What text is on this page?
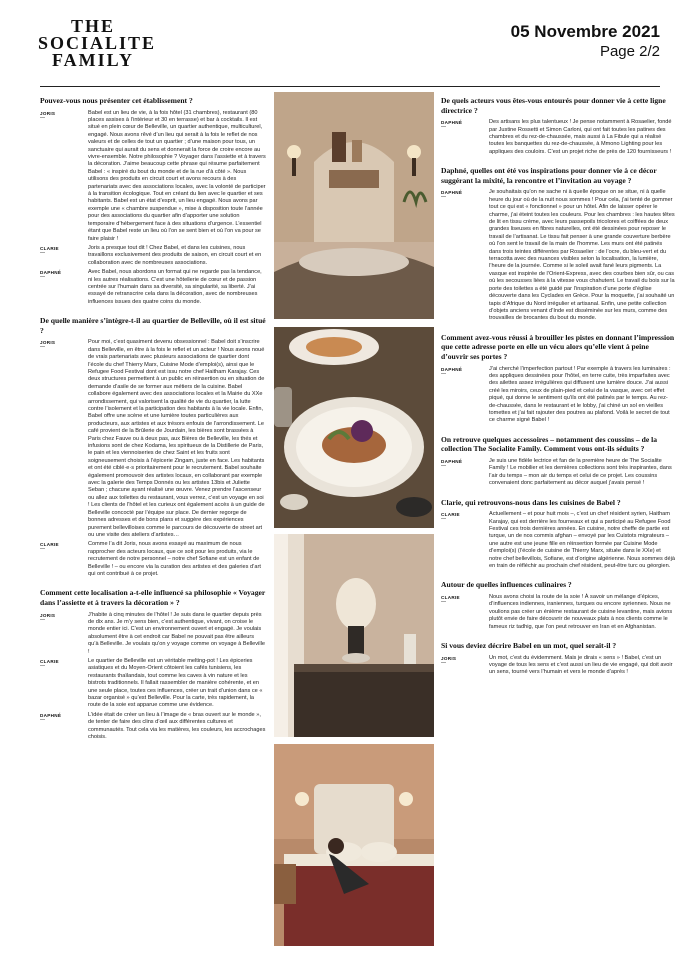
THE
SOCIALITE
FAMILY
05 Novembre 2021
Page 2/2
Pouvez-vous nous présenter cet établissement ?
JORIS
—
Babel est un lieu de vie, à la fois hôtel (31 chambres), restaurant (80 places assises à l’intérieur et 30 en terrasse) et bar à cocktails. Il est situé en plein cœur de Belleville, un quartier authentique, multiculturel, engagé. Nous avons rêvé d’un lieu qui serait à la fois le reflet de nos valeurs et de celles de tout un quartier ; d’une maison pour tous, un sanctuaire qui aurait du sens et donnerait la force de croire encore au vivre-ensemble. Notre philosophie ? Voyager dans l’assiette et à travers la décoration. J’aime beaucoup cette phrase qui résume parfaitement Babel : « inspiré du bout du monde et de la rue d’à côté ». Nous utilisons des produits en circuit court et avons recours à des partenariats avec des associations locales, avec la volonté de participer à la transition écologique. Tout en créant du lien avec le quartier et ses habitants. Babel est un état d’esprit, un lieu engagé. Nous avons par exemple une « chambre suspendue », mise à disposition toute l’année pour des associations du quartier afin d’apporter une solution temporaire d’hébergement face à des situations d’urgence. L’essentiel étant que Babel reste un lieu où l’on se sent bien et où l’on va pour se faire plaisir !
CLARIE
—
Joris a presque tout dit ! Chez Babel, et dans les cuisines, nous travaillons exclusivement des produits de saison, en circuit court et en collaboration avec de nombreuses associations.
DAPHNÉ
—
Avec Babel, nous abordons un format qui ne regarde pas la tendance, ni les autres réalisations. C’est une hôtellerie de cœur et de passion centrée sur l’humain dans sa diversité, sa singularité, sa liberté. J’ai essayé de retranscrire cela dans la décoration, avec de nombreuses influences issues des quatre coins du monde.
De quelle manière s’intègre-t-il au quartier de Belleville, où il est situé ?
JORIS
—
Pour moi, c’est quasiment devenu obsessionnel : Babel doit s’inscrire dans Belleville, en être à la fois le reflet et un acteur ! Nous avons noué de vrais partenariats avec plusieurs associations de quartier dont l’école du chef Thierry Marx, Cuisine Mode d’emploi(s), ainsi que le Refugee Food Festival dont est issu notre chef Haitham Karajay. Ces deux structures permettent à un public en réinsertion ou en situation de demande d’asile de se former aux métiers de la cuisine. Babel collabore également avec des associations locales et la Mairie du XXe arrondissement, qui valorisent la qualité de vie du quartier, la lutte contre l’isolement et la participation des habitants à la vie locale. Enfin, Babel offre une scène et une lumière toutes particulières aux producteurs, aux artistes et aux trésors enfouis de l’arrondissement. Le café provient de la Brûlerie de Jourdain, les bières sont brassées à Paris chez Fauve ou à deux pas, aux Bières de Belleville, les thés et infusions sont de chez Kodama, les spiritueux de la Distillerie de Paris, le pain et les viennoiseries de chez Saint et les fruits sont soigneusement choisis à l’épicerie Zingam, juste en face. Les habitants et ont été ciblé·e·s prioritairement pour le recrutement. Babel souhaite également promouvoir des artistes locaux, en collaborant par exemple avec la galerie des Temps Donnés ou les artistes 13bis et Juliette Seban ; chacune ayant réalisé une œuvre. Venez prendre l’ascenseur ou allez aux toilettes du restaurant, vous verrez, c’est un voyage en soi ! Les clients de l’hôtel et les curieux ont également accès à un guide de Belleville concocté par l’équipe sur place. De dernier regorge de bonnes adresses et de bons plans et suggère des expériences purement bellevilloises comme le parcours de découverte de street art ou une visite des ateliers d’artistes…
CLARIE
—
Comme l’a dit Joris, nous avons essayé au maximum de nous rapprocher des acteurs locaux, que ce soit pour les produits, via le recrutement de notre personnel – notre chef Sofiane est un enfant de Belleville ! – ou encore via la curation des artistes et des galeries d’art qui ont contribué à ce projet.
Comment cette localisation a-t-elle influencé sa philosophie « Voyager dans l’assiette et à travers la décoration » ?
JORIS
—
J’habite à cinq minutes de l’hôtel ! Je suis dans le quartier depuis près de dix ans. Je m’y sens bien, c’est authentique, vivant, on croise le monde entier ici. C’est un environnement ouvert et engagé. Je voulais absolument être à cet endroit car Babel ne pouvait pas être ailleurs qu’à Belleville. Je voulais qu’on y voyage comme on voyage à Belleville !
CLARIE
—
Le quartier de Belleville est un véritable melting-pot ! Les épiceries asiatiques et du Moyen-Orient côtoient les cafés tunisiens, les restaurants thaïlandais, tout comme les caves à vin nature et les bistrots traditionnels. Il fallait rassembler de manière cohérente, et en une seule place, toutes ces influences, créer un trait d’union dans ce « bazar organisé » qu’est Belleville. Pour la carte, très rapidement, la route de la soie est apparue comme une évidence.
DAPHNÉ
—
L’idée était de créer un lieu à l’image de « bras ouvert sur le monde », de tenter de faire des clins d’œil aux différentes cultures et communautés. Tout cela via les matières, les couleurs, les accrochages choisis.
De quels acteurs vous êtes-vous entourés pour donner vie à cette ligne directrice ?
DAPHNÉ
—
Des artisans les plus talentueux ! Je pense notamment à Rosaelier, fondé par Justine Rossetti et Simon Carloni, qui ont fait toutes les patines des chambres et du rez-de-chaussée, mais aussi à La Fibule qui a réalisé toutes les banquettes du rez-de-chaussée, à Mmono Lighting pour les appliques des couloirs. C’est un projet riche de près de 120 fournisseurs !
Daphné, quelles ont été vos inspirations pour donner vie à ce décor suggérant la mixité, la rencontre et l’invitation au voyage ?
DAPHNÉ
—
Je souhaitais qu’on ne sache ni à quelle époque on se situe, ni à quelle heure du jour où de la nuit nous sommes ! Pour cela, j’ai tenté de gommer tout ce qui est « fonctionnel » pour un hôtel. Afin de laisser opérer le charme, j’ai éteint toutes les couleurs. Pour les chambres : les hautes têtes de lit en tissu crème, avec leurs passepoils tricolores et coiffées de deux grandes liseuses en fibres naturelles, ont été dessinées pour reposer le travail de l’artisanat. Le tissu fait penser à une grande couverture berbère où l’on sent le travail de la main de l’homme. Les murs ont été patinés dans trois teintes différentes par Rosaelier : de l’ocre, du bleu-vert et du terracotta avec des nuances visibles selon la localisation, la lumière, l’heure de la journée. Comme si le soleil avait fané leurs pigments. La vasque est inspirée de l’Orient-Express, avec des courbes bien sûr, ou cas où les secousses liées à la vitesse vous chahutent. Le travail du bois sur la porte des toilettes a été guidé par l’inspiration d’une porte d’église découverte dans les Cyclades en Grèce. Pour la moquette, j’ai souhaité un tapis d’Afrique du Nord irrégulier et artisanal. Enfin, une petite collection d’objets anciens venant d’Inde est disséminée sur les murs, comme des trouvailles de brocantes du bout du monde.
Comment avez-vous réussi à brouiller les pistes en donnant l’impression que cette adresse porte en elle un vécu alors qu’elle vient à peine d’ouvrir ses portes ?
DAPHNÉ
—
J’ai cherché l’imperfection partout ! Par exemple à travers les luminaires : des appliques dessinées pour l’hôtel, en terre cuite, très imparfaites avec des ailettes assez irrégulières qui diffusent une lumière douce. J’ai aussi créé les miroirs, ceux de plain-pied et celui de la vasque, avec cet effet piqué, qui donne le sentiment qu’ils ont été patinés par le temps. Au rez-de-chaussée, dans le restaurant et le lobby, j’ai chiné un sol en vieilles tomettes et j’ai fait rajouter des poutres au plafond. Voilà le secret de tout ce charme signé Babel !
On retrouve quelques accessoires – notamment des coussins – de la collection The Socialite Family. Comment vous ont-ils séduits ?
DAPHNÉ
—
Je suis une fidèle lectrice et fan de la première heure de The Socialite Family ! Le mobilier et les dernières collections sont très inspirantes, dans l’air du temps – mon air du temps et celui de ce projet. Les coussins convenaient donc parfaitement au décor auquel j’avais pensé !
Clarie, qui retrouvons-nous dans les cuisines de Babel ?
CLARIE
—
Actuellement – et pour huit mois –, c’est un chef résident syrien, Haitham Karajay, qui est derrière les fourneaux et qui a participé au Refugee Food Festival ces trois dernières années. En cuisine, notre cheffe de partie est turque, un de nos commis afghan – envoyé par les Cuistots migrateurs – une autre est une jeune fille en réinsertion formée par Cuisine Mode d’emploi(s) (l’école de cuisine de Thierry Marx, située dans le XXe) et notre chef bellevillois, Sofiane, est d’origine algérienne. Nous sommes déjà en train de réfléchir au prochain chef résident, peut-être turc ou géorgien.
Autour de quelles influences culinaires ?
CLARIE
—
Nous avons choisi la route de la soie ! À savoir un mélange d’épices, d’influences indiennes, iraniennes, turques ou encore syriennes. Nous ne voulions pas créer un énième restaurant de cuisine levantine, mais avions plutôt envie de faire découvrir de nouveaux plats à nos clients comme le fameux riz tadhig, que l’on peut retrouver en Iran et en Afghanistan.
Si vous deviez décrire Babel en un mot, quel serait-il ?
JORIS
—
Un mot, c’est du évidemment. Mais je dirais « sens » ! Babel, c’est un voyage de tous les sens et c’est aussi un lieu de vie engagé, qui doit avoir un sens, tourné vers l’humain et vers le monde d’après !
